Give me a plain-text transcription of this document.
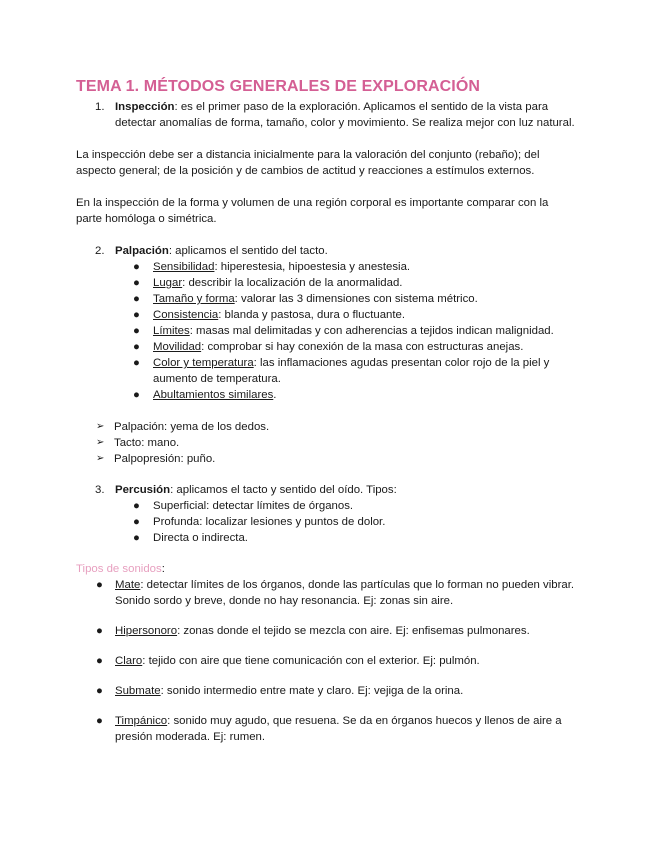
TEMA 1. MÉTODOS GENERALES DE EXPLORACIÓN
1. Inspección: es el primer paso de la exploración. Aplicamos el sentido de la vista para detectar anomalías de forma, tamaño, color y movimiento. Se realiza mejor con luz natural.

La inspección debe ser a distancia inicialmente para la valoración del conjunto (rebaño); del aspecto general; de la posición y de cambios de actitud y reacciones a estímulos externos.

En la inspección de la forma y volumen de una región corporal es importante comparar con la parte homóloga o simétrica.

2. Palpación: aplicamos el sentido del tacto.
●	Sensibilidad: hiperestesia, hipoestesia y anestesia.
●	Lugar: describir la localización de la anormalidad.
●	Tamaño y forma: valorar las 3 dimensiones con sistema métrico.
●	Consistencia: blanda y pastosa, dura o fluctuante.
●	Límites: masas mal delimitadas y con adherencias a tejidos indican malignidad.
●	Movilidad: comprobar si hay conexión de la masa con estructuras anejas.
●	Color y temperatura: las inflamaciones agudas presentan color rojo de la piel y aumento de temperatura.
●	Abultamientos similares.
➢ Palpación: yema de los dedos.
➢ Tacto: mano.
➢ Palpopresión: puño.
3. Percusión: aplicamos el tacto y sentido del oído. Tipos:
●	Superficial: detectar límites de órganos.
●	Profunda: localizar lesiones y puntos de dolor.
●	Directa o indirecta.

Tipos de sonidos:

●	Mate: detectar límites de los órganos, donde las partículas que lo forman no pueden vibrar. Sonido sordo y breve, donde no hay resonancia. Ej: zonas sin aire.
●	Hipersonoro: zonas donde el tejido se mezcla con aire. Ej: enfisemas pulmonares.
●	Claro: tejido con aire que tiene comunicación con el exterior. Ej: pulmón.
●	Submate: sonido intermedio entre mate y claro. Ej: vejiga de la orina.
●	Timpánico: sonido muy agudo, que resuena. Se da en órganos huecos y llenos de aire a presión moderada. Ej: rumen.
